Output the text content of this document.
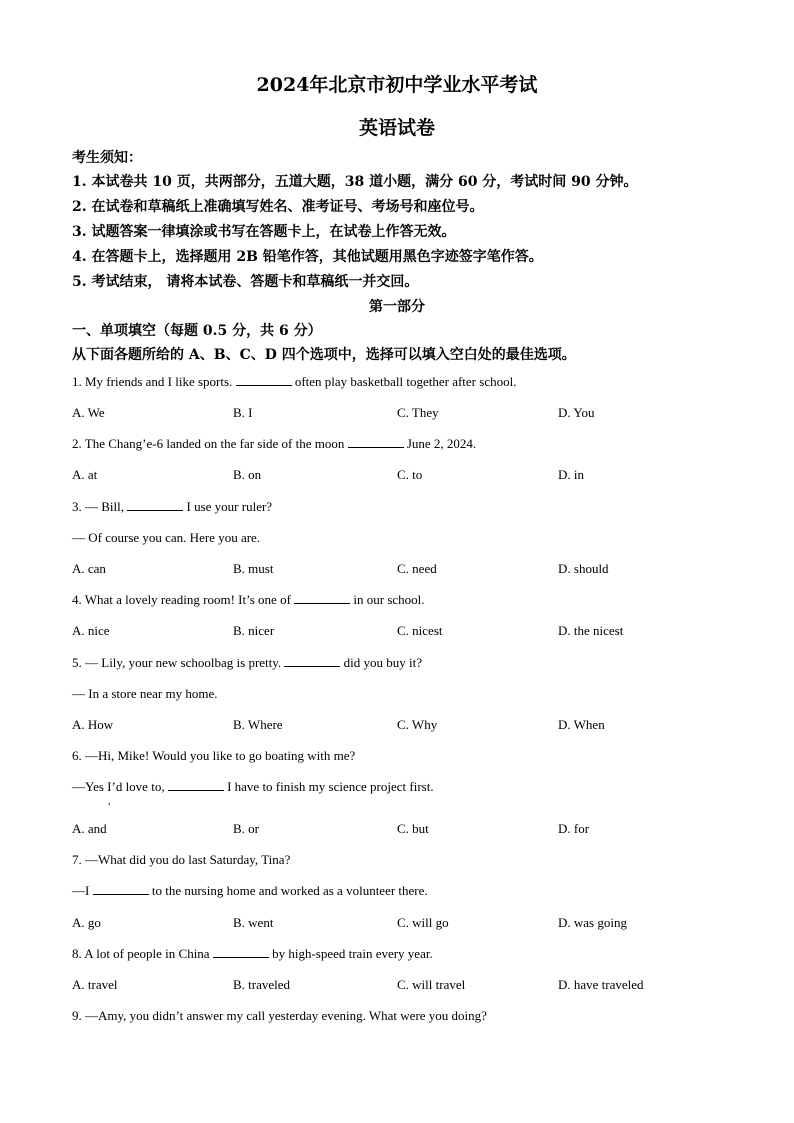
2024年北京市初中学业水平考试
英语试卷
考生须知：
1. 本试卷共 10 页，共两部分，五道大题，38 道小题，满分 60 分，考试时间 90 分钟。
2. 在试卷和草稿纸上准确填写姓名、准考证号、考场号和座位号。
3. 试题答案一律填涂或书写在答题卡上，在试卷上作答无效。
4. 在答题卡上，选择题用 2B 铅笔作答，其他试题用黑色字迹签字笔作答。
5. 考试结束， 请将本试卷、答题卡和草稿纸一并交回。
第一部分
一、单项填空（每题 0.5 分，共 6 分）
从下面各题所给的 A、B、C、D 四个选项中，选择可以填入空白处的最佳选项。
1. My friends and I like sports.	often play basketball together after school.
A. We	B. I	C. They	D. You
2. The Chang’e-6 landed on the far side of the moon	June 2, 2024.
A. at	B. on	C. to	D. in
3. — Bill,	I use your ruler?
— Of course you can. Here you are.
A. can	B. must	C. need	D. should
4. What a lovely reading room! It’s one of	in our school.
A. nice	B. nicer	C. nicest	D. the nicest
5. — Lily, your new schoolbag is pretty.	did you buy it?
— In a store near my home.
A. How	B. Where	C. Why	D. When
6. —Hi, Mike! Would you like to go boating with me?
—Yes I’d love to,	I have to finish my science project first.
,
A. and	B. or	C. but	D. for
7. —What did you do last Saturday, Tina?
—I	to the nursing home and worked as a volunteer there.
A. go	B. went	C. will go	D. was going
8. A lot of people in China	by high-speed train every year.
A. travel	B. traveled	C. will travel	D. have traveled
9. —Amy, you didn’t answer my call yesterday evening. What were you doing?
